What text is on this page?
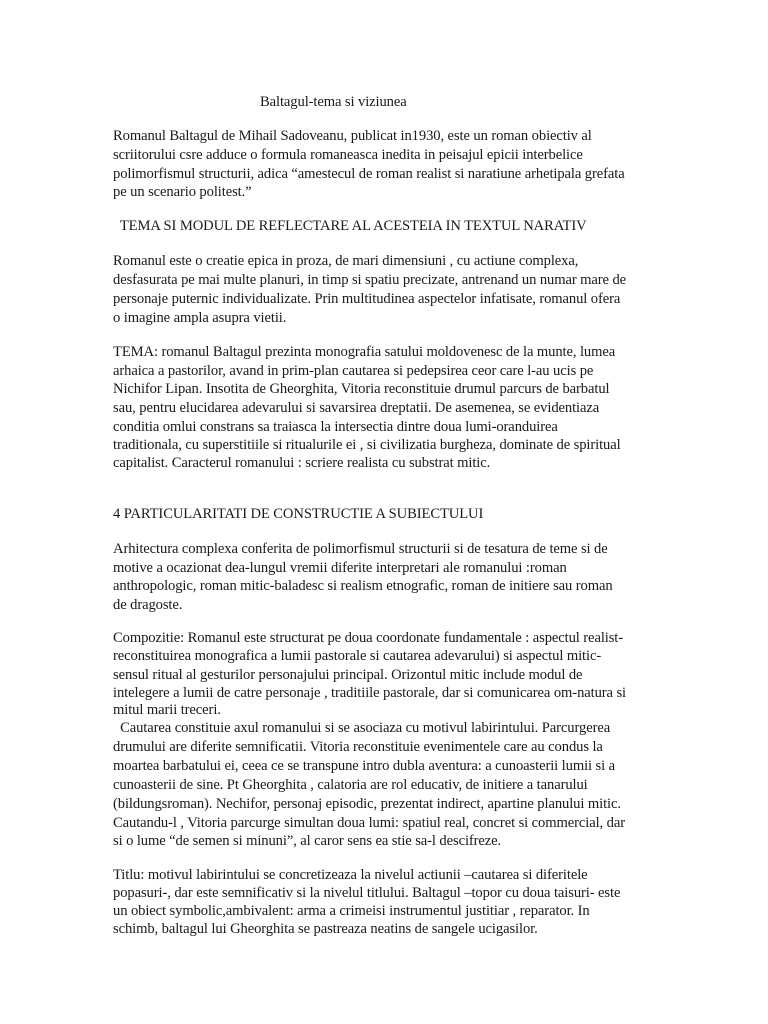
Baltagul-tema si viziunea
Romanul Baltagul de Mihail Sadoveanu, publicat in1930, este un roman obiectiv al
scriitorului csre adduce o formula romaneasca inedita in peisajul epicii interbelice
polimorfismul structurii, adica “amestecul de roman realist si naratiune arhetipala grefata
pe un scenario politest.”
TEMA SI MODUL DE REFLECTARE AL ACESTEIA IN TEXTUL NARATIV
Romanul este o creatie epica in proza, de mari dimensiuni , cu actiune complexa,
desfasurata pe mai multe planuri, in timp si spatiu precizate, antrenand un numar mare de
personaje puternic individualizate. Prin multitudinea aspectelor infatisate, romanul ofera
o imagine ampla asupra vietii.
TEMA: romanul Baltagul prezinta monografia satului moldovenesc de la munte, lumea
arhaica a pastorilor, avand in prim-plan cautarea si pedepsirea ceor care l-au ucis pe
Nichifor Lipan. Insotita de Gheorghita, Vitoria reconstituie drumul parcurs de barbatul
sau, pentru elucidarea adevarului si savarsirea dreptatii. De asemenea, se evidentiaza
conditia omlui constrans sa traiasca la intersectia dintre doua lumi-oranduirea
traditionala, cu superstitiile si ritualurile ei , si civilizatia burgheza, dominate de spiritual
capitalist. Caracterul romanului : scriere realista cu substrat mitic.
4 PARTICULARITATI DE CONSTRUCTIE A SUBIECTULUI
Arhitectura complexa conferita de polimorfismul structurii si de tesatura de teme si de
motive a ocazionat dea-lungul vremii diferite interpretari ale romanului :roman
anthropologic, roman mitic-baladesc si realism etnografic, roman de initiere sau roman
de dragoste.
Compozitie: Romanul este structurat pe doua coordonate fundamentale : aspectul realist-
reconstituirea monografica a lumii pastorale si cautarea adevarului) si aspectul mitic-
sensul ritual al gesturilor personajului principal. Orizontul mitic include modul de
intelegere a lumii de catre personaje , traditiile pastorale, dar si comunicarea om-natura si
mitul marii treceri.
Cautarea constituie axul romanului si se asociaza cu motivul labirintului. Parcurgerea
drumului are diferite semnificatii. Vitoria reconstituie evenimentele care au condus la
moartea barbatului ei, ceea ce se transpune intro dubla aventura: a cunoasterii lumii si a
cunoasterii de sine. Pt Gheorghita , calatoria are rol educativ, de initiere a tanarului
(bildungsroman). Nechifor, personaj episodic, prezentat indirect, apartine planului mitic.
Cautandu-l , Vitoria parcurge simultan doua lumi: spatiul real, concret si commercial, dar
si o lume “de semen si minuni”, al caror sens ea stie sa-l descifreze.
Titlu: motivul labirintului se concretizeaza la nivelul actiunii –cautarea si diferitele
popasuri-, dar este semnificativ si la nivelul titlului. Baltagul –topor cu doua taisuri- este
un obiect symbolic,ambivalent: arma a crimeisi instrumentul justitiar , reparator. In
schimb, baltagul lui Gheorghita se pastreaza neatins de sangele ucigasilor.
